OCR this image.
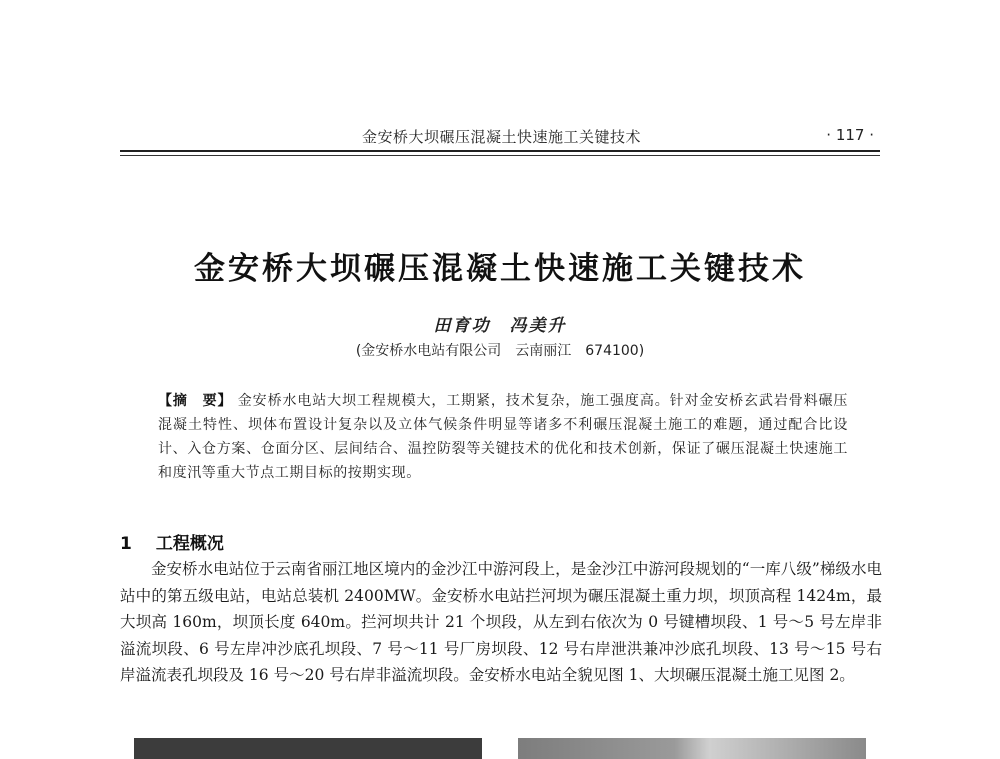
金安桥大坝碾压混凝土快速施工关键技术	· 117 ·
金安桥大坝碾压混凝土快速施工关键技术
田育功　冯美升
(金安桥水电站有限公司　云南丽江　674100)
【摘　要】 金安桥水电站大坝工程规模大，工期紧，技术复杂，施工强度高。针对金安桥玄武岩骨料碾压混凝土特性、坝体布置设计复杂以及立体气候条件明显等诸多不利碾压混凝土施工的难题，通过配合比设计、入仓方案、仓面分区、层间结合、温控防裂等关键技术的优化和技术创新，保证了碾压混凝土快速施工和度汛等重大节点工期目标的按期实现。
1 工程概况
金安桥水电站位于云南省丽江地区境内的金沙江中游河段上，是金沙江中游河段规划的“一库八级”梯级水电站中的第五级电站，电站总装机 2400MW。金安桥水电站拦河坝为碾压混凝土重力坝，坝顶高程 1424m，最大坝高 160m，坝顶长度 640m。拦河坝共计 21 个坝段，从左到右依次为 0 号键槽坝段、1 号～5 号左岸非溢流坝段、6 号左岸冲沙底孔坝段、7 号～11 号厂房坝段、12 号右岸泄洪兼冲沙底孔坝段、13 号～15 号右岸溢流表孔坝段及 16 号～20 号右岸非溢流坝段。金安桥水电站全貌见图 1、大坝碾压混凝土施工见图 2。
